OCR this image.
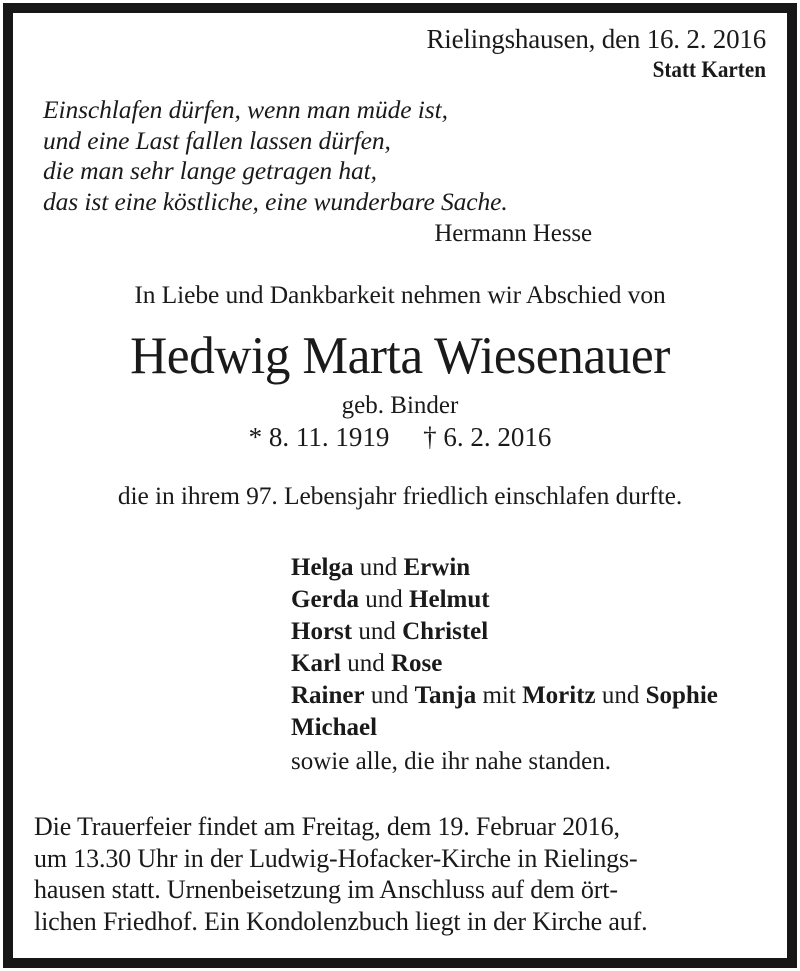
Rielingshausen, den 16. 2. 2016
Statt Karten
Einschlafen dürfen, wenn man müde ist,
und eine Last fallen lassen dürfen,
die man sehr lange getragen hat,
das ist eine köstliche, eine wunderbare Sache.
Hermann Hesse
In Liebe und Dankbarkeit nehmen wir Abschied von
Hedwig Marta Wiesenauer
geb. Binder
* 8. 11. 1919     † 6. 2. 2016
die in ihrem 97. Lebensjahr friedlich einschlafen durfte.
Helga und Erwin
Gerda und Helmut
Horst und Christel
Karl und Rose
Rainer und Tanja mit Moritz und Sophie
Michael
sowie alle, die ihr nahe standen.
Die Trauerfeier findet am Freitag, dem 19. Februar 2016,
um 13.30 Uhr in der Ludwig-Hofacker-Kirche in Rielings-
hausen statt. Urnenbeisetzung im Anschluss auf dem ört-
lichen Friedhof. Ein Kondolenzbuch liegt in der Kirche auf.
